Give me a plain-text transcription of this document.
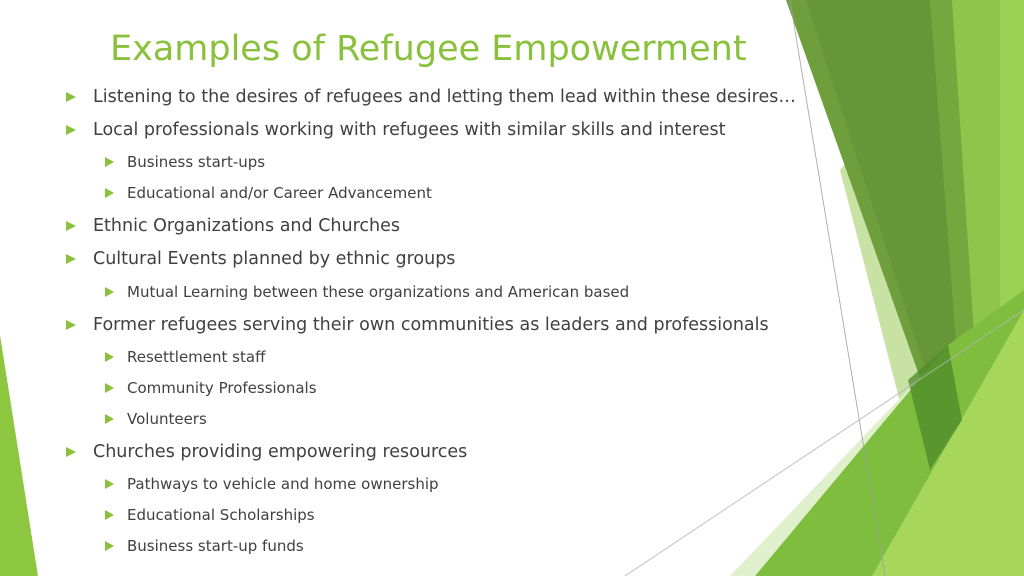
Examples of Refugee Empowerment
Listening to the desires of refugees and letting them lead within these desires…
Local professionals working with refugees with similar skills and interest
Business start-ups
Educational and/or Career Advancement
Ethnic Organizations and Churches
Cultural Events planned by ethnic groups
Mutual Learning between these organizations and American based
Former refugees serving their own communities as leaders and professionals
Resettlement staff
Community Professionals
Volunteers
Churches providing empowering resources
Pathways to vehicle and home ownership
Educational Scholarships
Business start-up funds
